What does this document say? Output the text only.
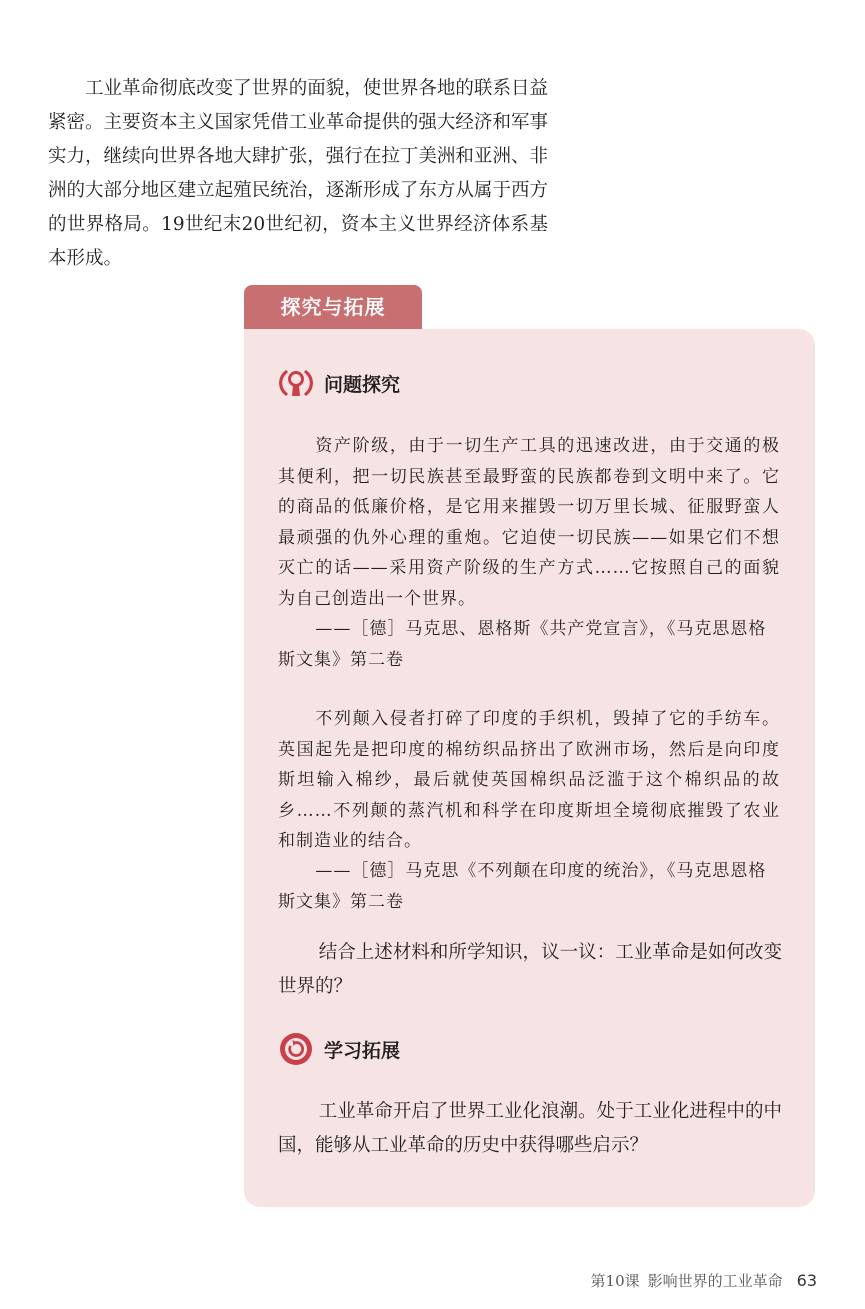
工业革命彻底改变了世界的面貌，使世界各地的联系日益紧密。主要资本主义国家凭借工业革命提供的强大经济和军事实力，继续向世界各地大肆扩张，强行在拉丁美洲和亚洲、非洲的大部分地区建立起殖民统治，逐渐形成了东方从属于西方的世界格局。19世纪末20世纪初，资本主义世界经济体系基本形成。

探究与拓展
问题探究

资产阶级，由于一切生产工具的迅速改进，由于交通的极其便利，把一切民族甚至最野蛮的民族都卷到文明中来了。它的商品的低廉价格，是它用来摧毁一切万里长城、征服野蛮人最顽强的仇外心理的重炮。它迫使一切民族——如果它们不想灭亡的话——采用资产阶级的生产方式……它按照自己的面貌为自己创造出一个世界。

——［德］马克思、恩格斯《共产党宣言》，《马克思恩格斯文集》第二卷

不列颠入侵者打碎了印度的手织机，毁掉了它的手纺车。英国起先是把印度的棉纺织品挤出了欧洲市场，然后是向印度斯坦输入棉纱，最后就使英国棉织品泛滥于这个棉织品的故乡……不列颠的蒸汽机和科学在印度斯坦全境彻底摧毁了农业和制造业的结合。

——［德］马克思《不列颠在印度的统治》，《马克思恩格斯文集》第二卷

结合上述材料和所学知识，议一议：工业革命是如何改变世界的？

学习拓展

工业革命开启了世界工业化浪潮。处于工业化进程中的中国，能够从工业革命的历史中获得哪些启示？

第10课 影响世界的工业革命 63
